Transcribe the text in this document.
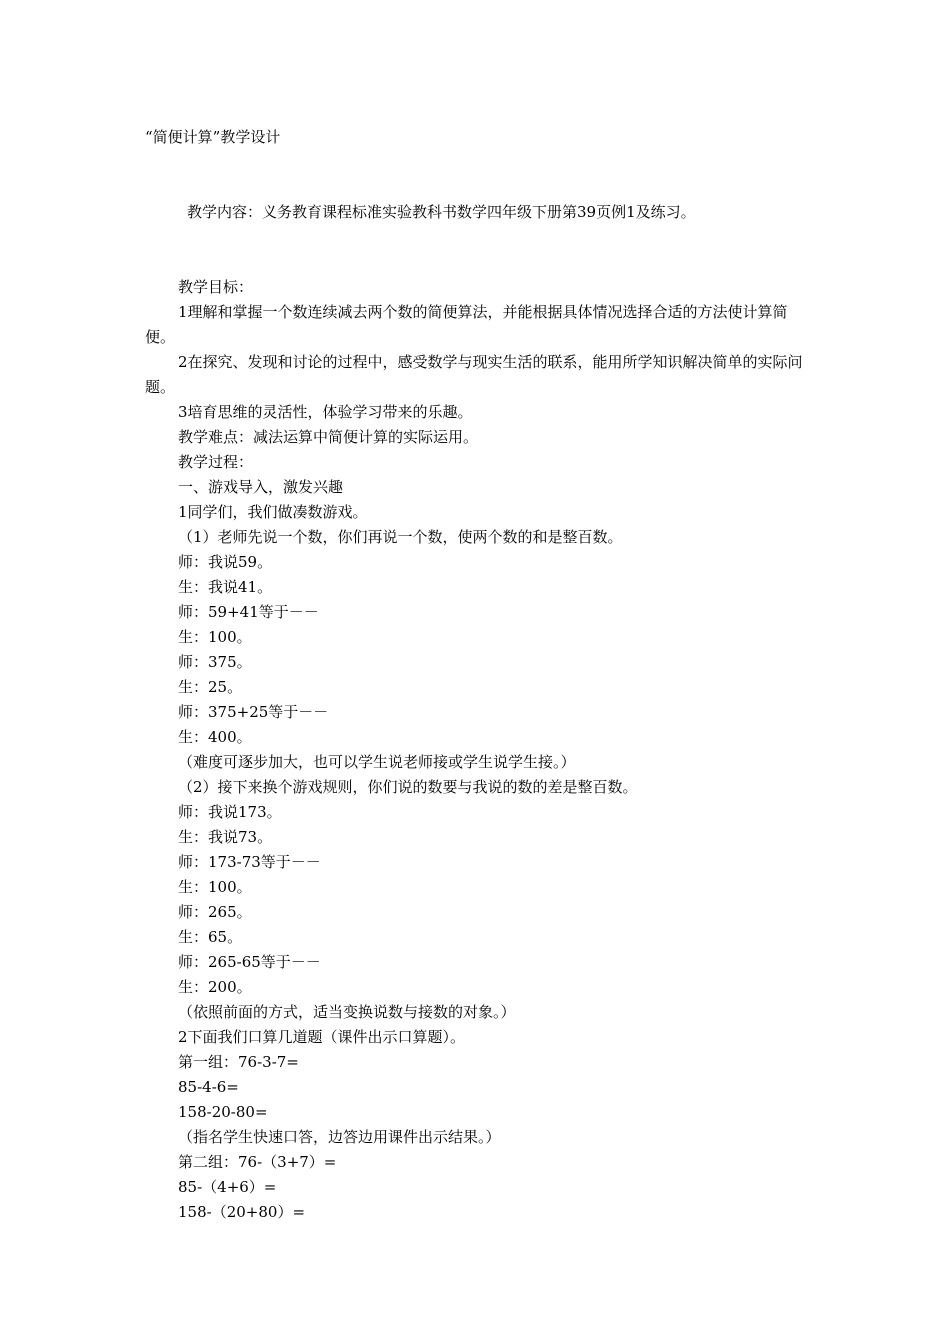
“简便计算”教学设计
教学内容：义务教育课程标准实验教科书数学四年级下册第39页例1及练习。
教学目标：
1理解和掌握一个数连续减去两个数的简便算法，并能根据具体情况选择合适的方法使计算简便。
2在探究、发现和讨论的过程中，感受数学与现实生活的联系，能用所学知识解决简单的实际问题。
3培育思维的灵活性，体验学习带来的乐趣。
教学难点：减法运算中简便计算的实际运用。
教学过程：
一、游戏导入，激发兴趣
1同学们，我们做凑数游戏。
（1）老师先说一个数，你们再说一个数，使两个数的和是整百数。
师：我说59。
生：我说41。
师：59+41等于－－
生：100。
师：375。
生：25。
师：375+25等于－－
生：400。
（难度可逐步加大，也可以学生说老师接或学生说学生接。）
（2）接下来换个游戏规则，你们说的数要与我说的数的差是整百数。
师：我说173。
生：我说73。
师：173-73等于－－
生：100。
师：265。
生：65。
师：265-65等于－－
生：200。
（依照前面的方式，适当变换说数与接数的对象。）
2下面我们口算几道题（课件出示口算题）。
第一组：76-3-7=
85-4-6=
158-20-80=
（指名学生快速口答，边答边用课件出示结果。）
第二组：76-（3+7）=
85-（4+6）=
158-（20+80）=
